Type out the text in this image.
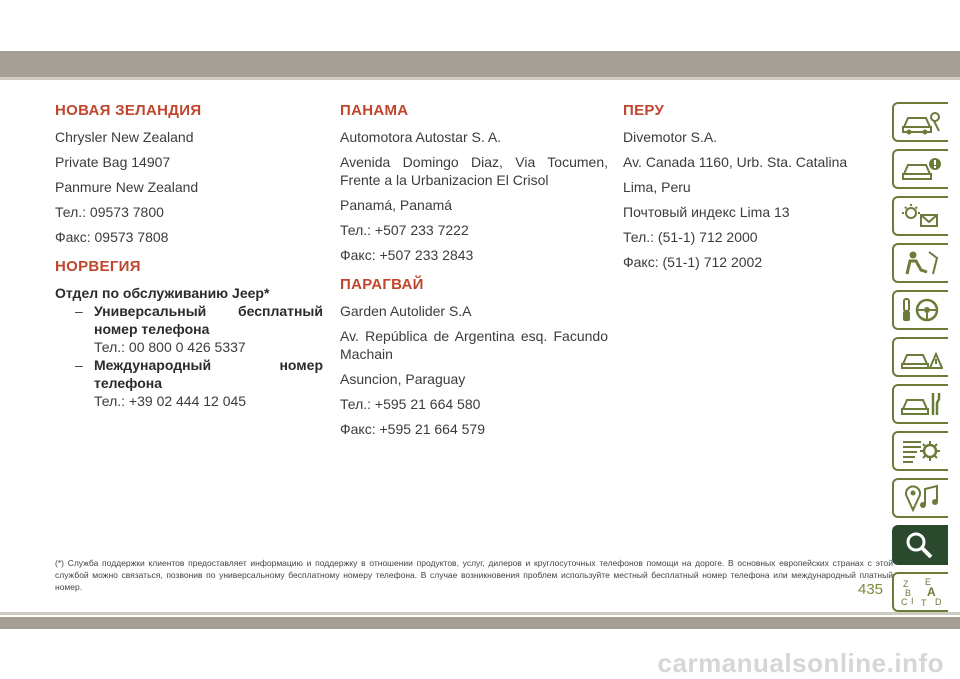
НОВАЯ ЗЕЛАНДИЯ

Chrysler New Zealand

Private Bag 14907

Panmure New Zealand

Тел.: 09573 7800

Факс: 09573 7808

НОРВЕГИЯ

Отдел по обслуживанию Jeep*

– Универсальный бесплатный номер телефона
Тел.: 00 800 0 426 5337
– Международный номер телефона
Тел.: +39 02 444 12 045
ПАНАМА

Automotora Autostar S. A.

Avenida Domingo Diaz, Via Tocumen, Frente a la Urbanizacion El Crisol

Panamá, Panamá

Тел.: +507 233 7222

Факс: +507 233 2843

ПАРАГВАЙ

Garden Autolider S.A

Av. República de Argentina esq. Facundo Machain

Asuncion, Paraguay

Тел.: +595 21 664 580

Факс: +595 21 664 579

ПЕРУ

Divemotor S.A.

Av. Canada 1160, Urb. Sta. Catalina

Lima, Peru

Почтовый индекс Lima 13

Тел.: (51-1) 712 2000

Факс: (51-1) 712 2002

Z E
B A
C	D
I T
(*) Служба поддержки клиентов предоставляет информацию и поддержку в отношении продуктов, услуг, дилеров и круглосуточных телефонов помощи на дороге. В основных европейских странах с этой службой можно связаться, позвонив по универсальному бесплатному номеру телефона. В случае возникновения проблем используйте местный бесплатный номер телефона или международный платный номер.	435
carmanualsonline.info
